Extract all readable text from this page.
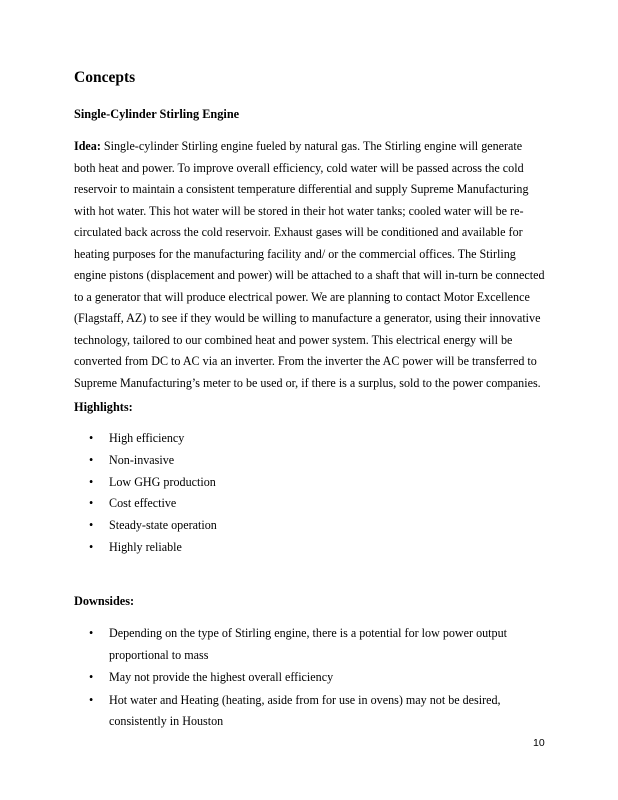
Concepts
Single-Cylinder Stirling Engine

Idea: Single-cylinder Stirling engine fueled by natural gas. The Stirling engine will generate
both heat and power. To improve overall efficiency, cold water will be passed across the cold
reservoir to maintain a consistent temperature differential and supply Supreme Manufacturing
with hot water. This hot water will be stored in their hot water tanks; cooled water will be re-
circulated back across the cold reservoir. Exhaust gases will be conditioned and available for
heating purposes for the manufacturing facility and/ or the commercial offices. The Stirling
engine pistons (displacement and power) will be attached to a shaft that will in-turn be connected
to a generator that will produce electrical power. We are planning to contact Motor Excellence
(Flagstaff, AZ) to see if they would be willing to manufacture a generator, using their innovative
technology, tailored to our combined heat and power system. This electrical energy will be
converted from DC to AC via an inverter. From the inverter the AC power will be transferred to
Supreme Manufacturing’s meter to be used or, if there is a surplus, sold to the power companies.

Highlights:
• High efficiency
• Non-invasive
• Low GHG production
• Cost effective
• Steady-state operation
• Highly reliable
Downsides:
• Depending on the type of Stirling engine, there is a potential for low power output
proportional to mass
• May not provide the highest overall efficiency
• Hot water and Heating (heating, aside from for use in ovens) may not be desired,
consistently in Houston

10
